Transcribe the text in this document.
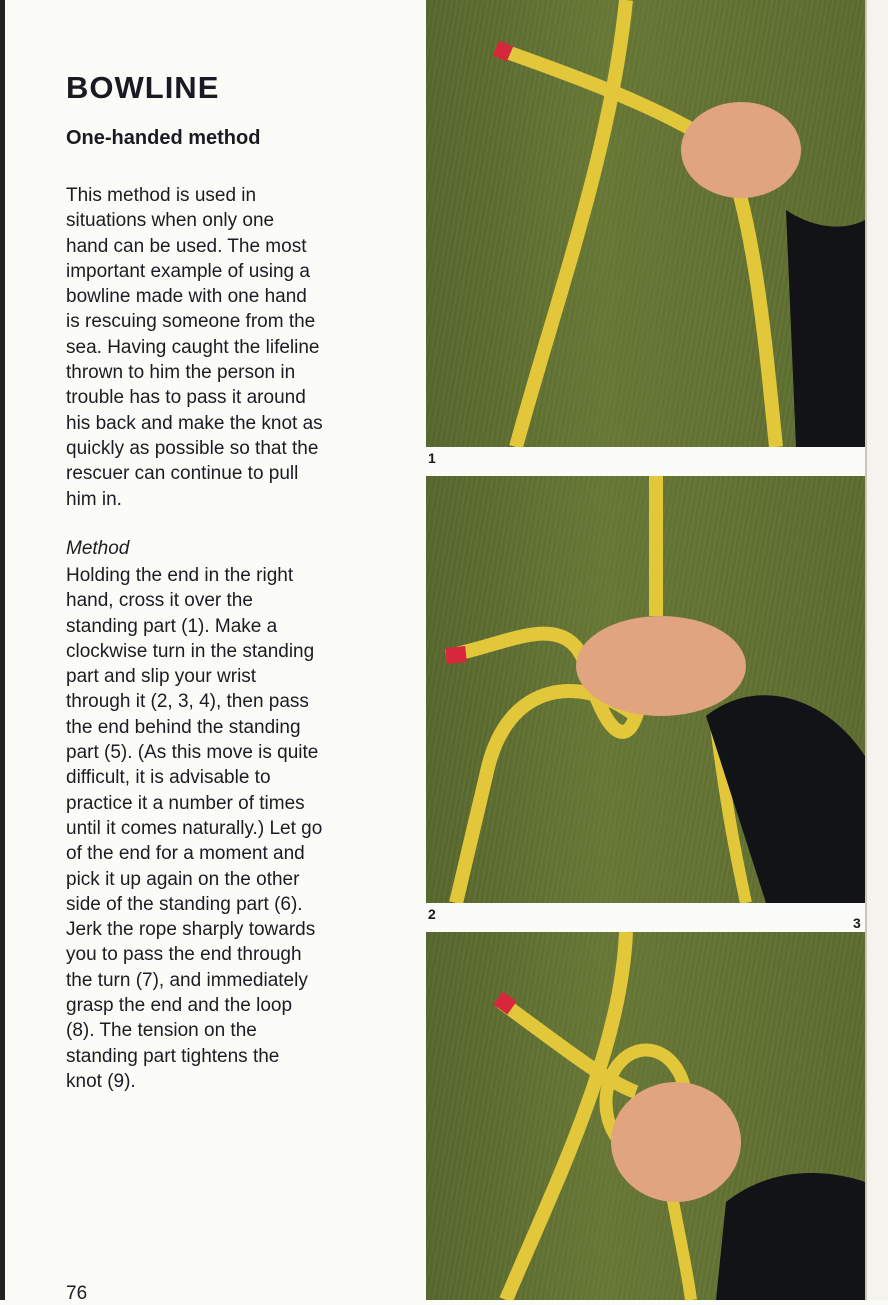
BOWLINE
One-handed method
This method is used in
situations when only one
hand can be used. The most
important example of using a
bowline made with one hand
is rescuing someone from the
sea. Having caught the lifeline
thrown to him the person in
trouble has to pass it around
his back and make the knot as
quickly as possible so that the
rescuer can continue to pull
him in.
Method
Holding the end in the right
hand, cross it over the
standing part (1). Make a
clockwise turn in the standing
part and slip your wrist
through it (2, 3, 4), then pass
the end behind the standing
part (5). (As this move is quite
difficult, it is advisable to
practice it a number of times
until it comes naturally.) Let go
of the end for a moment and
pick it up again on the other
side of the standing part (6).
Jerk the rope sharply towards
you to pass the end through
the turn (7), and immediately
grasp the end and the loop
(8). The tension on the
standing part tightens the
knot (9).
76
1
2
3
